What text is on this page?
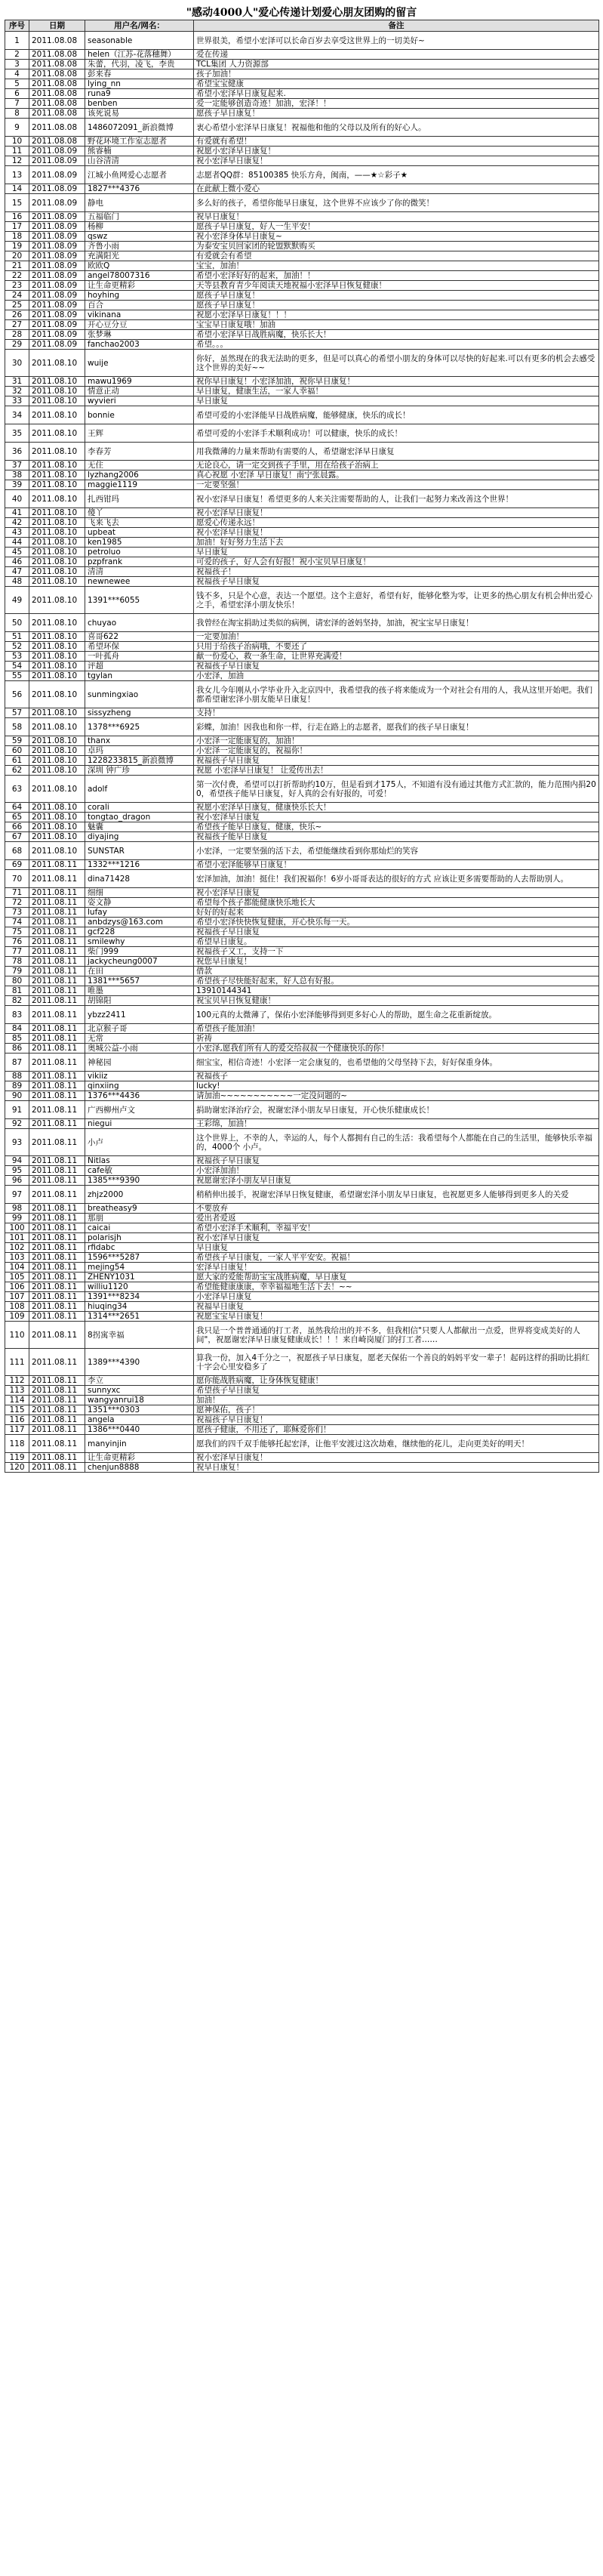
"感动4000人"爱心传递计划爱心朋友团购的留言
序号	日期	用户名/网名：	备注
1	2011.08.08	seasonable	世界很美，希望小宏泽可以长命百岁去享受这世界上的一切美好~
2	2011.08.08	helen（江苏-花落穗舞）	爱在传递
3	2011.08.08	朱蕾，代羽，凌飞，李贵	TCL集团 人力资源部
4	2011.08.08	彭来春	孩子加油！
5	2011.08.08	lying_nn	希望宝宝健康
6	2011.08.08	runa9	希望小宏泽早日康复起来.
7	2011.08.08	benben	爱一定能够创造奇迹！加油，宏泽！！
8	2011.08.08	该死说易	愿孩子早日康复！
9	2011.08.08	1486072091_新浪微博	衷心希望小宏泽早日康复！祝福他和他的父母以及所有的好心人。
10	2011.08.08	野花环境工作室志愿者	有爱就有希望！
11	2011.08.09	熊睿楠	祝愿小宏泽早日康复！
12	2011.08.09	山谷清清	祝小宏泽早日康复！
13	2011.08.09	江城小鱼网爱心志愿者	志愿者QQ群：85100385 快乐方舟，闽南，——★☆彩子★
14	2011.08.09	1827***4376	在此献上微小爱心
15	2011.08.09	静电	多么好的孩子，希望你能早日康复，这个世界不应该少了你的微笑！
16	2011.08.09	五福临门	祝早日康复！
17	2011.08.09	杨柳	愿孩子早日康复，好人一生平安！
18	2011.08.09	qswz	祝小宏泽身体早日康复~
19	2011.08.09	齐鲁小雨	为泰安宝贝回家团的轮盟默默购买
20	2011.08.09	充满阳光	有爱就会有希望
21	2011.08.09	欧欧Q	宝宝，加油！
22	2011.08.09	angel78007316	希望小宏泽好好的起来，加油！！
23	2011.08.09	让生命更精彩	天等县教育青少年阅读天地祝福小宏泽早日恢复健康！
24	2011.08.09	hoyhing	愿孩子早日康复！
25	2011.08.09	百合	愿孩子早日康复！
26	2011.08.09	vikinana	祝愿小宏泽早日康复！！！
27	2011.08.09	开心豆分豆	宝宝早日康复哦！加油
28	2011.08.09	张梦琳	希望小宏泽早日战胜病魔，快乐长大！
29	2011.08.09	fanchao2003	希望。。。
30	2011.08.10	wuije	你好，虽然现在的我无法助的更多，但是可以真心的希望小朋友的身体可以尽快的好起来.可以有更多的机会去感受这个世界的美好~~
31	2011.08.10	mawu1969	祝你早日康复！小宏泽加油，祝你早日康复！
32	2011.08.10	情意正动	早日康复，健康生活，一家人幸福！
33	2011.08.10	wyvieri	早日康复
34	2011.08.10	bonnie	希望可爱的小宏泽能早日战胜病魔，能够健康，快乐的成长！
35	2011.08.10	王辉	希望可爱的小宏泽手术顺利成功！可以健康，快乐的成长！
36	2011.08.10	李春芳	用我微薄的力量来帮助有需要的人，希望谢宏泽早日康复
37	2011.08.10	无住	无论良心，请一定交到孩子手里，用在给孩子治病上
38	2011.08.10	lyzhang2006	真心祝愿 小宏泽 早日康复！南宁张晨露。
39	2011.08.10	maggie1119	一定要坚强！
40	2011.08.10	扎西钳玛	祝小宏泽早日康复！希望更多的人来关注需要帮助的人，让我们一起努力来改善这个世界！
41	2011.08.10	傻丫	祝小宏泽早日康复！
42	2011.08.10	飞来飞去	愿爱心传递永远！
43	2011.08.10	upbeat	祝小宏泽早日康复！
44	2011.08.10	ken1985	加油！好好努力生活下去
45	2011.08.10	petroluo	早日康复
46	2011.08.10	pzpfrank	可爱的孩子，好人会有好报！祝小宝贝早日康复！
47	2011.08.10	清清	祝福孩子！
48	2011.08.10	newnewee	祝福孩子早日康复
49	2011.08.10	1391***6055	钱不多，只是个心意，表达一个愿望。这个主意好，希望有好，能够化整为零，让更多的热心朋友有机会伸出爱心之手，希望宏泽小朋友快乐！
50	2011.08.10	chuyao	我曾经在淘宝捐助过类似的病例，请宏泽的爸妈坚持，加油，祝宝宝早日康复！
51	2011.08.10	喜哥622	一定要加油！
52	2011.08.10	希望环保	只用于给孩子治病哦，不要还了
53	2011.08.10	一叶孤舟	献一份爱心，救一条生命，让世界充满爱！
54	2011.08.10	评超	祝福孩子早日康复
55	2011.08.10	tgylan	小宏泽，加油
56	2011.08.10	sunmingxiao	我女儿今年刚从小学毕业升入北京四中，我希望我的孩子将来能成为一个对社会有用的人，我从这里开始吧。我们都希望谢宏泽小朋友能早日康复！
57	2011.08.10	sissyzheng	支持！
58	2011.08.10	1378***6925	彩蝶，加油！因我也和你一样，行走在路上的志愿者，愿我们的孩子早日康复！
59	2011.08.10	thanx	小宏泽一定能康复的，加油！
60	2011.08.10	卓玛	小宏泽一定能康复的，祝福你！
61	2011.08.10	1228233815_新浪微博	祝福孩子早日康复
62	2011.08.10	深圳 钟广珍	祝愿 小宏泽早日康复！ 让爱传出去！
63	2011.08.10	adolf	第一次付费，希望可以打折帮助约10万，但是看到才175人，不知道有没有通过其他方式汇款的，能力范围内捐200，希望孩子能早日康复，好人真的会有好报的，可爱！
64	2011.08.10	corali	祝愿小宏泽早日康复，健康快乐长大！
65	2011.08.10	tongtao_dragon	祝小宏泽早日康复
66	2011.08.10	魅囊	希望孩子能早日康复，健康，快乐~
67	2011.08.10	diyajing	祝福孩子能早日康复
68	2011.08.10	SUNSTAR	小宏泽，一定要坚强的活下去，希望能继续看到你那灿烂的笑容
69	2011.08.11	1332***1216	希望小宏泽能够早日康复！
70	2011.08.11	dina71428	宏泽加油，加油！挺住！我们祝福你！6岁小哥哥表达的很好的方式 应该让更多需要帮助的人去帮助别人。
71	2011.08.11	细细	祝小宏泽早日康复
72	2011.08.11	姿文静	希望每个孩子都能健康快乐地长大
73	2011.08.11	lufay	好好的好起来
74	2011.08.11	anbdzys@163.com	希望小宏泽快快恢复健康，开心快乐每一天。
75	2011.08.11	gcf228	祝福孩子早日康复
76	2011.08.11	smilewhy	希望早日康复。
77	2011.08.11	柴门999	祝福孩子又工，支持一下
78	2011.08.11	jackycheung0007	祝您早日康复！
79	2011.08.11	在田	借款
80	2011.08.11	1381***5657	希望孩子尽快能好起来，好人总有好报。
81	2011.08.11	唯墨	13910144341
82	2011.08.11	胡锦阳	祝宝贝早日恢复健康！
83	2011.08.11	ybzz2411	100元真的太微薄了，保佑小宏泽能够得到更多好心人的帮助，愿生命之花重新绽放。
84	2011.08.11	北京猴子哥	希望孩子能加油！
85	2011.08.11	无常	祈祷
86	2011.08.11	奥城公益-小雨	小宏泽,愿我们所有人的爱交给叔叔一个健康快乐的你！
87	2011.08.11	神秘园	细宝宝，相信奇迹！小宏泽一定会康复的，也希望他的父母坚持下去，好好保重身体。
88	2011.08.11	vikiiz	祝福孩子
89	2011.08.11	qinxiing	lucky!
90	2011.08.11	1376***4436	请加油~~~~~~~~~~~一定没问题的~
91	2011.08.11	广西柳州卢文	捐助谢宏泽治疗会，祝谢宏泽小朋友早日康复，开心快乐健康成长！
92	2011.08.11	niegui	王彩绵，加油！
93	2011.08.11	小卢	这个世界上，不幸的人，幸运的人，每个人都拥有自己的生活：我希望每个人都能在自己的生活里，能够快乐幸福的，4000个 小卢。
94	2011.08.11	Nitlas	祝福孩子早日康复
95	2011.08.11	cafe敏	小宏泽加油！
96	2011.08.11	1385***9390	祝愿谢宏泽小朋友早日康复
97	2011.08.11	zhjz2000	稍稍伸出援手，祝谢宏泽早日恢复健康，希望谢宏泽小朋友早日康复，也祝愿更多人能够得到更多人的关爱
98	2011.08.11	breatheasy9	不要放弃
99	2011.08.11	那朋	爱出者爱返
100	2011.08.11	caicai	希望小宏泽手术顺利，幸福平安！
101	2011.08.11	polarisjh	祝小宏泽早日康复
102	2011.08.11	rfidabc	早日康复
103	2011.08.11	1596***5287	希望孩子早日康复，一家人平平安安。祝福！
104	2011.08.11	mejing54	宏泽早日康复！
105	2011.08.11	ZHENY1031	愿大家的爱能帮助宝宝战胜病魔，早日康复
106	2011.08.11	williu1120	希望能健康康康，幸幸福福地生活下去！~~
107	2011.08.11	1391***8234	小宏泽早日康复
108	2011.08.11	hiuqing34	祝福早日康复
109	2011.08.11	1314***2651	祝愿宝宝早日康复！
110	2011.08.11	8拐寓幸福	我只是一个普普通通的打工者，虽然我给出的并不多，但我相信"只要人人都献出一点爱，世界将变成美好的人间"，祝愿谢宏泽早日康复健康成长！！！来自崎岗厦门的打工者……
111	2011.08.11	1389***4390	算我一份，加入4千分之一，祝愿孩子早日康复，愿老天保佑一个善良的妈妈平安一辈子！起码这样的捐助比捐红十字会心里安稳多了
112	2011.08.11	李立	愿你能战胜病魔，让身体恢复健康！
113	2011.08.11	sunnyxc	希望孩子早日康复
114	2011.08.11	wangyanrui18	加油！
115	2011.08.11	1351***0303	愿神保佑，孩子！
116	2011.08.11	angela	祝福孩子早日康复！
117	2011.08.11	1386***0440	愿孩子健康，不用还了，耶稣爱你们！
118	2011.08.11	manyinjin	愿我们的四千双手能够托起宏泽，让他平安渡过这次劫难，继续他的花儿，走向更美好的明天！
119	2011.08.11	让生命更精彩	祝小宏泽早日康复！
120	2011.08.11	chenjun8888	祝早日康复！
